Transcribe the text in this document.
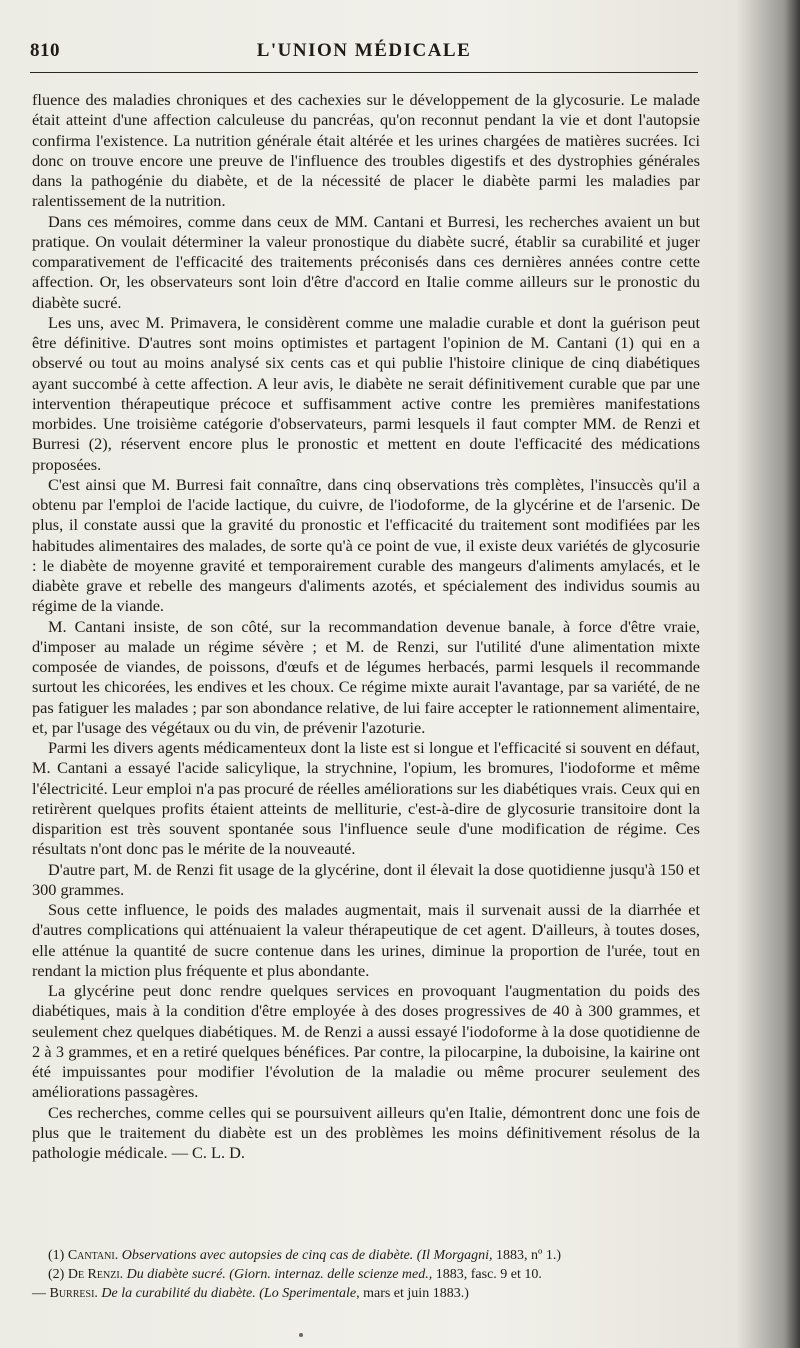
810	L'UNION MÉDICALE

fluence des maladies chroniques et des cachexies sur le développement de la glycosurie. Le malade était atteint d'une affection calculeuse du pancréas, qu'on reconnut pendant la vie et dont l'autopsie confirma l'existence. La nutrition générale était altérée et les urines chargées de matières sucrées. Ici donc on trouve encore une preuve de l'influence des troubles digestifs et des dystrophies générales dans la pathogénie du diabète, et de la nécessité de placer le diabète parmi les maladies par ralentissement de la nutrition.

Dans ces mémoires, comme dans ceux de MM. Cantani et Burresi, les recherches avaient un but pratique. On voulait déterminer la valeur pronostique du diabète sucré, établir sa curabilité et juger comparativement de l'efficacité des traitements préconisés dans ces dernières années contre cette affection. Or, les observateurs sont loin d'être d'accord en Italie comme ailleurs sur le pronostic du diabète sucré.

Les uns, avec M. Primavera, le considèrent comme une maladie curable et dont la guérison peut être définitive. D'autres sont moins optimistes et partagent l'opinion de M. Cantani (1) qui en a observé ou tout au moins analysé six cents cas et qui publie l'histoire clinique de cinq diabétiques ayant succombé à cette affection. A leur avis, le diabète ne serait définitivement curable que par une intervention thérapeutique précoce et suffisamment active contre les premières manifestations morbides. Une troisième catégorie d'observateurs, parmi lesquels il faut compter MM. de Renzi et Burresi (2), réservent encore plus le pronostic et mettent en doute l'efficacité des médications proposées.

C'est ainsi que M. Burresi fait connaître, dans cinq observations très complètes, l'insuccès qu'il a obtenu par l'emploi de l'acide lactique, du cuivre, de l'iodoforme, de la glycérine et de l'arsenic. De plus, il constate aussi que la gravité du pronostic et l'efficacité du traitement sont modifiées par les habitudes alimentaires des malades, de sorte qu'à ce point de vue, il existe deux variétés de glycosurie : le diabète de moyenne gravité et temporairement curable des mangeurs d'aliments amylacés, et le diabète grave et rebelle des mangeurs d'aliments azotés, et spécialement des individus soumis au régime de la viande.

M. Cantani insiste, de son côté, sur la recommandation devenue banale, à force d'être vraie, d'imposer au malade un régime sévère ; et M. de Renzi, sur l'utilité d'une alimentation mixte composée de viandes, de poissons, d'œufs et de légumes herbacés, parmi lesquels il recommande surtout les chicorées, les endives et les choux. Ce régime mixte aurait l'avantage, par sa variété, de ne pas fatiguer les malades ; par son abondance relative, de lui faire accepter le rationnement alimentaire, et, par l'usage des végétaux ou du vin, de prévenir l'azoturie.

Parmi les divers agents médicamenteux dont la liste est si longue et l'efficacité si souvent en défaut, M. Cantani a essayé l'acide salicylique, la strychnine, l'opium, les bromures, l'iodoforme et même l'électricité. Leur emploi n'a pas procuré de réelles améliorations sur les diabétiques vrais. Ceux qui en retirèrent quelques profits étaient atteints de melliturie, c'est-à-dire de glycosurie transitoire dont la disparition est très souvent spontanée sous l'influence seule d'une modification de régime. Ces résultats n'ont donc pas le mérite de la nouveauté.

D'autre part, M. de Renzi fit usage de la glycérine, dont il élevait la dose quotidienne jusqu'à 150 et 300 grammes.

Sous cette influence, le poids des malades augmentait, mais il survenait aussi de la diarrhée et d'autres complications qui atténuaient la valeur thérapeutique de cet agent. D'ailleurs, à toutes doses, elle atténue la quantité de sucre contenue dans les urines, diminue la proportion de l'urée, tout en rendant la miction plus fréquente et plus abondante.

La glycérine peut donc rendre quelques services en provoquant l'augmentation du poids des diabétiques, mais à la condition d'être employée à des doses progressives de 40 à 300 grammes, et seulement chez quelques diabétiques. M. de Renzi a aussi essayé l'iodoforme à la dose quotidienne de 2 à 3 grammes, et en a retiré quelques bénéfices. Par contre, la pilocarpine, la duboisine, la kairine ont été impuissantes pour modifier l'évolution de la maladie ou même procurer seulement des améliorations passagères.

Ces recherches, comme celles qui se poursuivent ailleurs qu'en Italie, démontrent donc une fois de plus que le traitement du diabète est un des problèmes les moins définitivement résolus de la pathologie médicale. — C. L. D.

(1) Cantani. Observations avec autopsies de cinq cas de diabète. (Il Morgagni, 1883, nº 1.)

(2) De Renzi. Du diabète sucré. (Giorn. internaz. delle scienze med., 1883, fasc. 9 et 10.

— Burresi. De la curabilité du diabète. (Lo Sperimentale, mars et juin 1883.)
